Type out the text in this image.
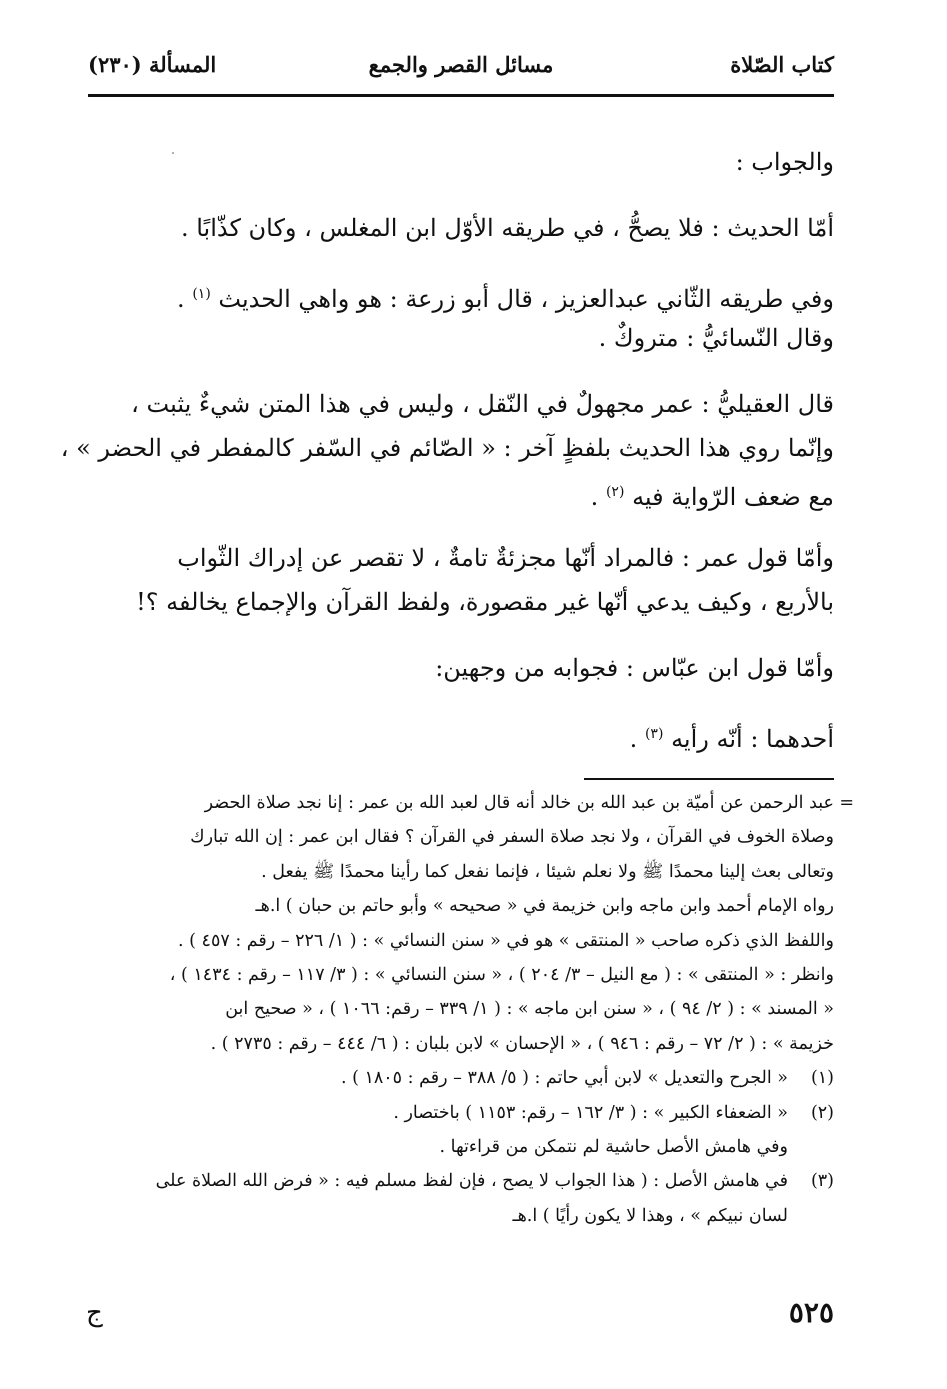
كتاب الصّلاة
مسائل القصر والجمع
المسألة (٢٣٠)
والجواب :
أمّا الحديث : فلا يصحُّ ، في طريقه الأوّل ابن المغلس ، وكان كذّابًا .
وفي طريقه الثّاني عبدالعزيز ، قال أبو زرعة : هو واهي الحديث $^{(١)}$ .
وقال النّسائيُّ : متروكٌ .
قال العقيليُّ : عمر مجهولٌ في النّقل ، وليس في هذا المتن شيءٌ يثبت ،
وإنّما روي هذا الحديث بلفظٍ آخر : « الصّائم في السّفر كالمفطر في الحضر » ،
مع ضعف الرّواية فيه $^{(٢)}$ .
وأمّا قول عمر : فالمراد أنّها مجزئةٌ تامةٌ ، لا تقصر عن إدراك الثّواب
بالأربع ، وكيف يدعي أنّها غير مقصورة، ولفظ القرآن والإجماع يخالفه ؟!
وأمّا قول ابن عبّاس : فجوابه من وجهين:
أحدهما : أنّه رأيه $^{(٣)}$ .
=
عبد الرحمن عن أميّة بن عبد الله بن خالد أنه قال لعبد الله بن عمر : إنا نجد صلاة الحضر
وصلاة الخوف في القرآن ، ولا نجد صلاة السفر في القرآن ؟ فقال ابن عمر : إن الله تبارك
وتعالى بعث إلينا محمدًا ﷺ ولا نعلم شيئا ، فإنما نفعل كما رأينا محمدًا ﷺ يفعل .
رواه الإمام أحمد وابن ماجه وابن خزيمة في « صحيحه » وأبو حاتم بن حبان ) ا.هـ
واللفظ الذي ذكره صاحب « المنتقى » هو في « سنن النسائي » : ( ١/ ٢٢٦ – رقم : ٤٥٧ ) .
وانظر : « المنتقى » : ( مع النيل – ٣/ ٢٠٤ ) ، « سنن النسائي » : ( ٣/ ١١٧ – رقم : ١٤٣٤ ) ،
« المسند » : ( ٢/ ٩٤ ) ، « سنن ابن ماجه » : ( ١/ ٣٣٩ – رقم: ١٠٦٦ ) ، « صحيح ابن
خزيمة » : ( ٢/ ٧٢ – رقم : ٩٤٦ ) ، « الإحسان » لابن بلبان : ( ٦/ ٤٤٤ – رقم : ٢٧٣٥ ) .
(١)
« الجرح والتعديل » لابن أبي حاتم : ( ٥/ ٣٨٨ – رقم : ١٨٠٥ ) .
(٢)
« الضعفاء الكبير » : ( ٣/ ١٦٢ – رقم: ١١٥٣ ) باختصار .
وفي هامش الأصل حاشية لم نتمكن من قراءتها .
(٣)
في هامش الأصل : ( هذا الجواب لا يصح ، فإن لفظ مسلم فيه : « فرض الله الصلاة على
لسان نبيكم » ، وهذا لا يكون رأيًا ) ا.هـ
٥٢٥
ج
